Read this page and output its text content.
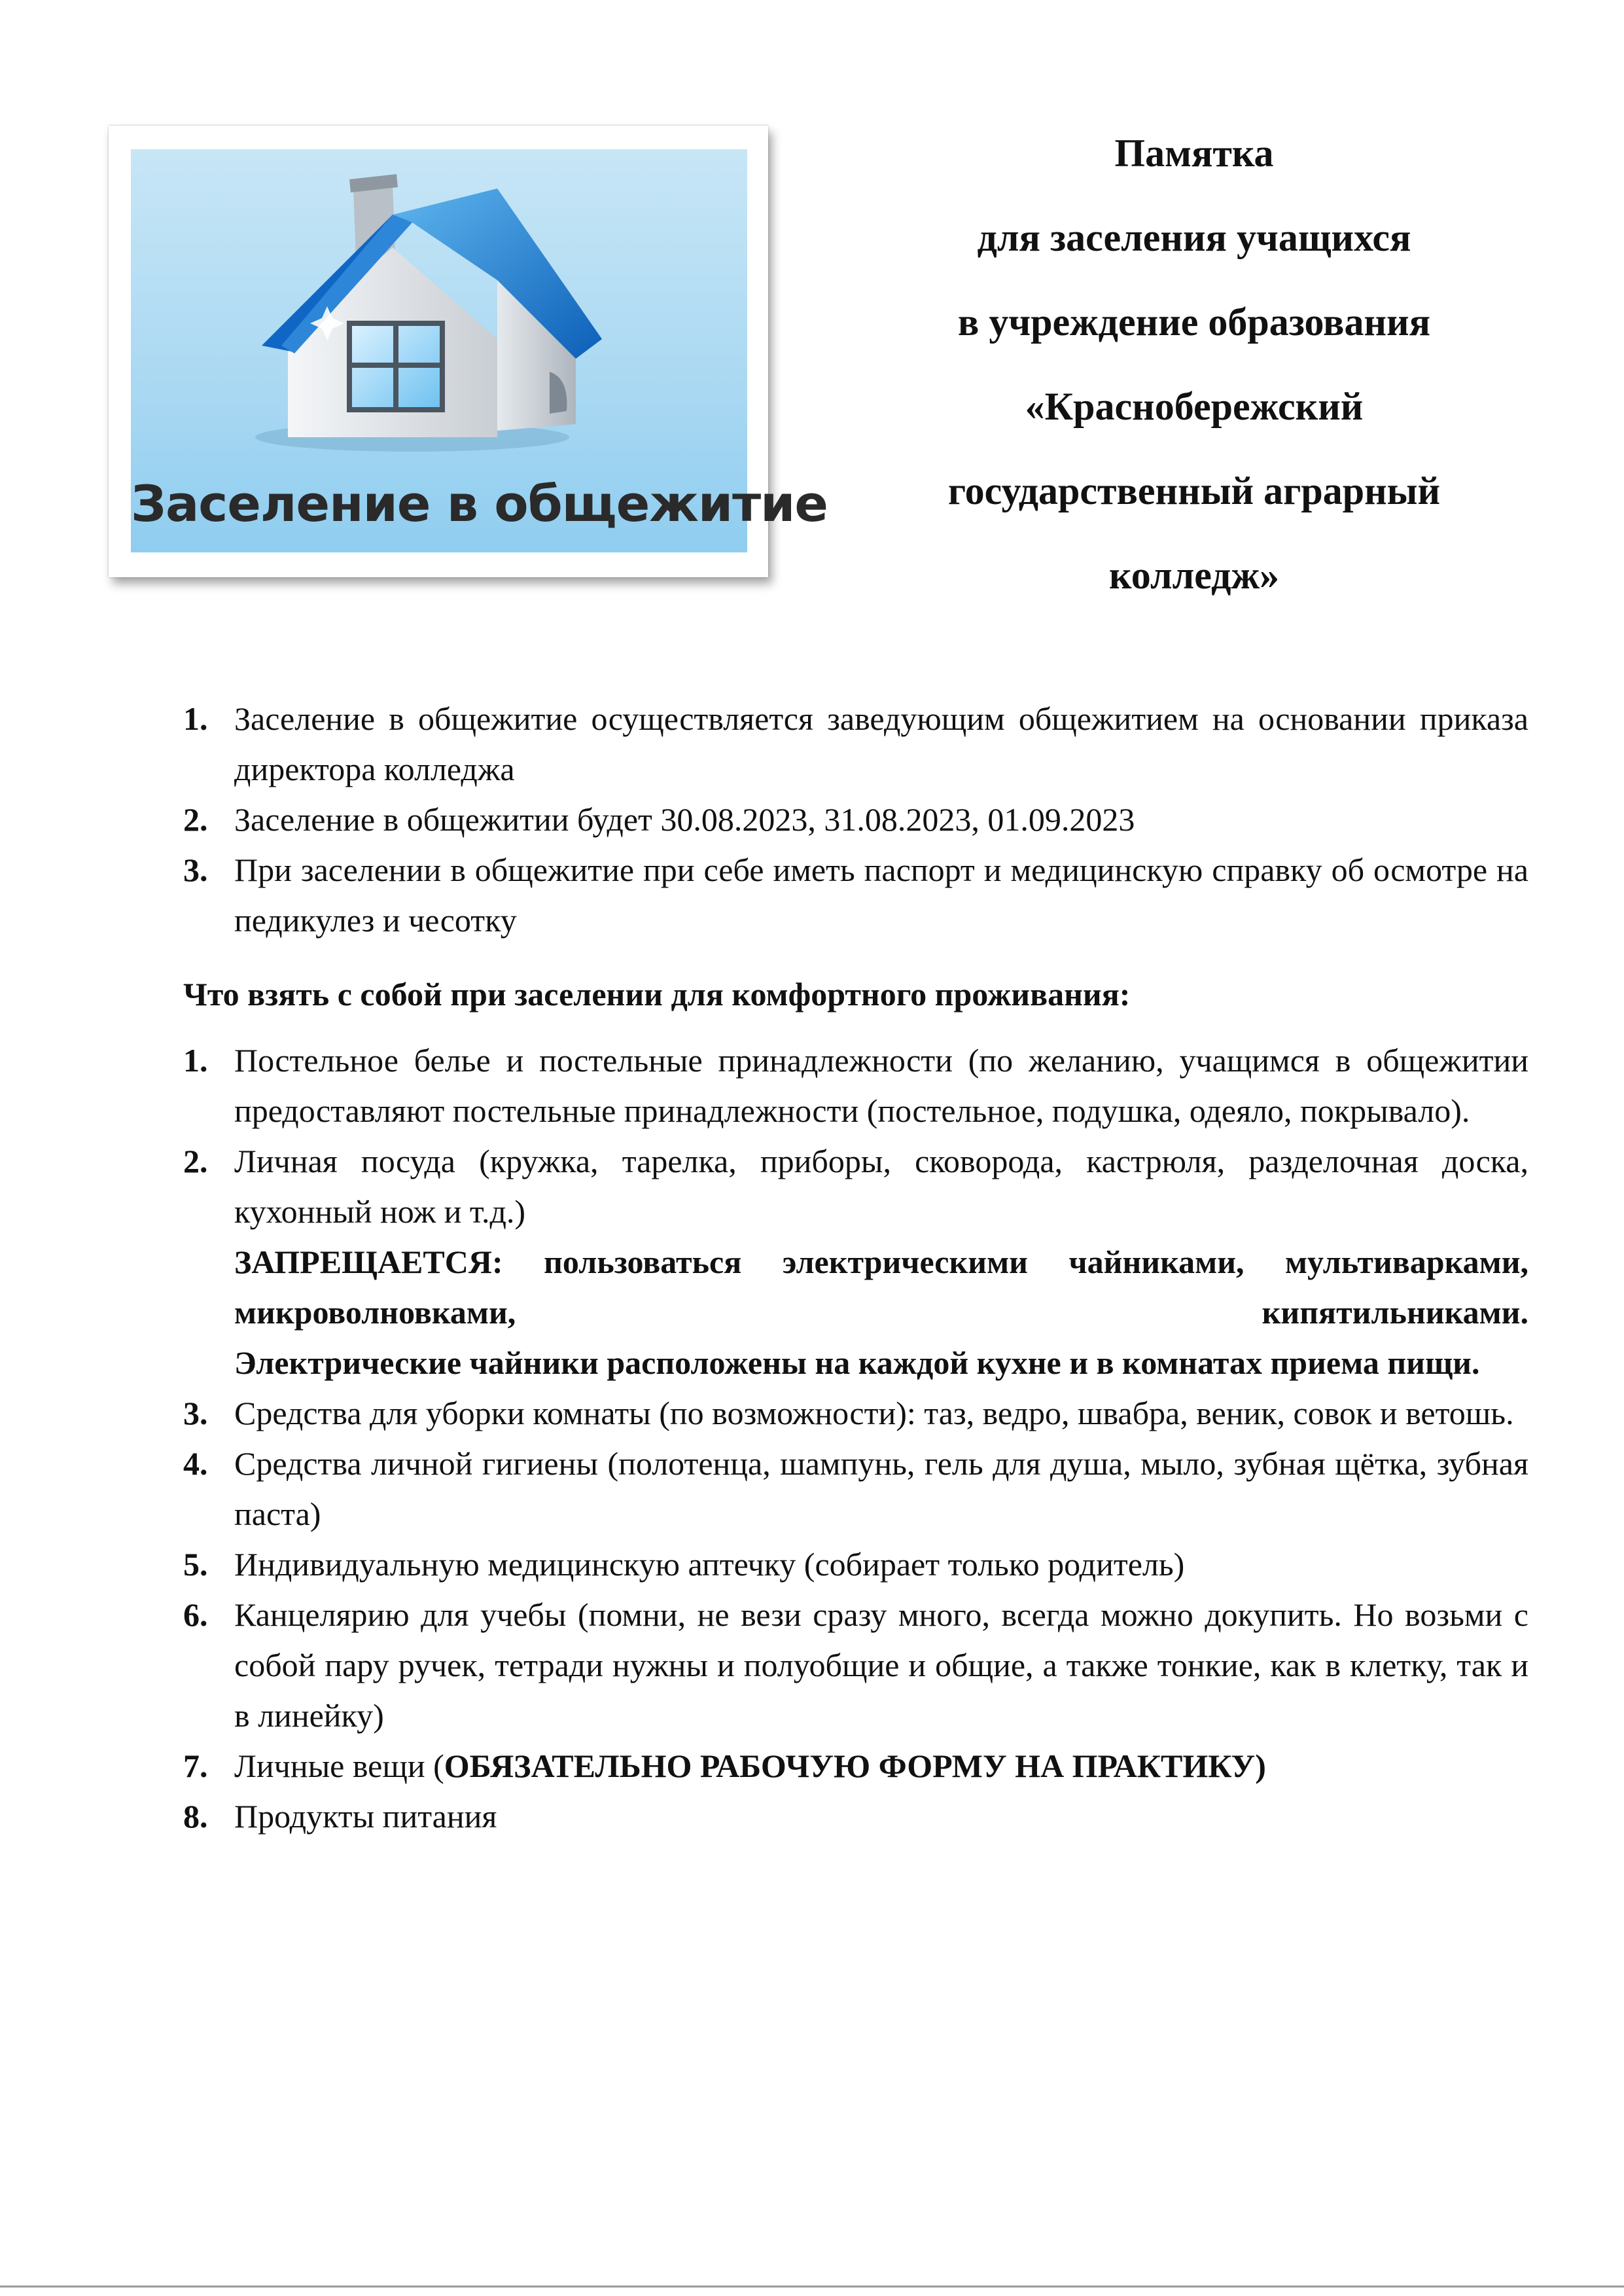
Заселение в общежитие
Памятка
для заселения учащихся
в учреждение образования
«Краснобережский
государственный аграрный
колледж»
1. Заселение в общежитие осуществляется заведующим общежитием на основании приказа директора колледжа
2. Заселение в общежитии будет 30.08.2023, 31.08.2023, 01.09.2023
3. При заселении в общежитие при себе иметь паспорт и медицинскую справку об осмотре на педикулез и чесотку
Что взять с собой при заселении для комфортного проживания:
1. Постельное белье и постельные принадлежности (по желанию, учащимся в общежитии предоставляют постельные принадлежности (постельное, подушка, одеяло, покрывало).
2. Личная посуда (кружка, тарелка, приборы, сковорода, кастрюля, разделочная доска, кухонный нож и т.д.)
ЗАПРЕЩАЕТСЯ: пользоваться электрическими чайниками, мультиварками, микроволновками, кипятильниками.
Электрические чайники расположены на каждой кухне и в комнатах приема пищи.
3. Средства для уборки комнаты (по возможности): таз, ведро, швабра, веник, совок и ветошь.
4. Средства личной гигиены (полотенца, шампунь, гель для душа, мыло, зубная щётка, зубная паста)
5. Индивидуальную медицинскую аптечку (собирает только родитель)
6. Канцелярию для учебы (помни, не вези сразу много, всегда можно докупить. Но возьми с собой пару ручек, тетради нужны и полуобщие и общие, а также тонкие, как в клетку, так и в линейку)
7. Личные вещи (ОБЯЗАТЕЛЬНО РАБОЧУЮ ФОРМУ НА ПРАКТИКУ)
8. Продукты питания
